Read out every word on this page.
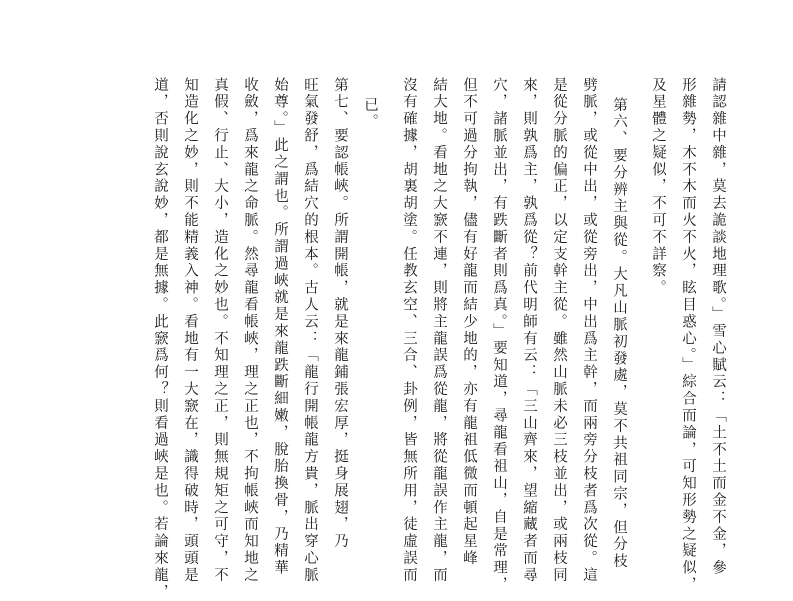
請認雜中雜，莫去詭談地理歌。」雪心賦云：「土不土而金不金，參
形雜勢，木不木而火不火，眩目惑心。」綜合而論，可知形勢之疑似，
及星體之疑似，不可不詳察。
第六、要分辨主與從。大凡山脈初發處，莫不共祖同宗，但分枝
劈脈，或從中出，或從旁出，中出爲主幹，而兩旁分枝者爲次從。這
是從分脈的偏正，以定支幹主從。雖然山脈未必三枝並出，或兩枝同
來，則孰爲主，孰爲從？前代明師有云：「三山齊來，望縮藏者而尋
穴，諸脈並出，有跌斷者則爲真。」要知道，尋龍看祖山，自是常理，
但不可過分拘執，儘有好龍而結少地的，亦有龍祖低微而頓起星峰
結大地。看地之大窾不連，則將主龍誤爲從龍，將從龍誤作主龍，而
沒有確據，胡裏胡塗。任教玄空、三合、卦例，皆無所用，徒虛誤而
已。
第七、要認帳峽。所謂開帳，就是來龍鋪張宏厚，挺身展翅，乃
旺氣發舒，爲結穴的根本。古人云：「龍行開帳龍方貴，脈出穿心脈
始尊。」此之謂也。所謂過峽就是來龍跌斷細嫩，脫胎換骨，乃精華
收斂，爲來龍之命脈。然尋龍看帳峽，理之正也，不拘帳峽而知地之
真假、行止、大小，造化之妙也。不知理之正，則無規矩之可守，不
知造化之妙，則不能精義入神。看地有一大窾在，識得破時，頭頭是
道，否則說玄說妙，都是無據。此窾爲何？則看過峽是也。若論來龍，
